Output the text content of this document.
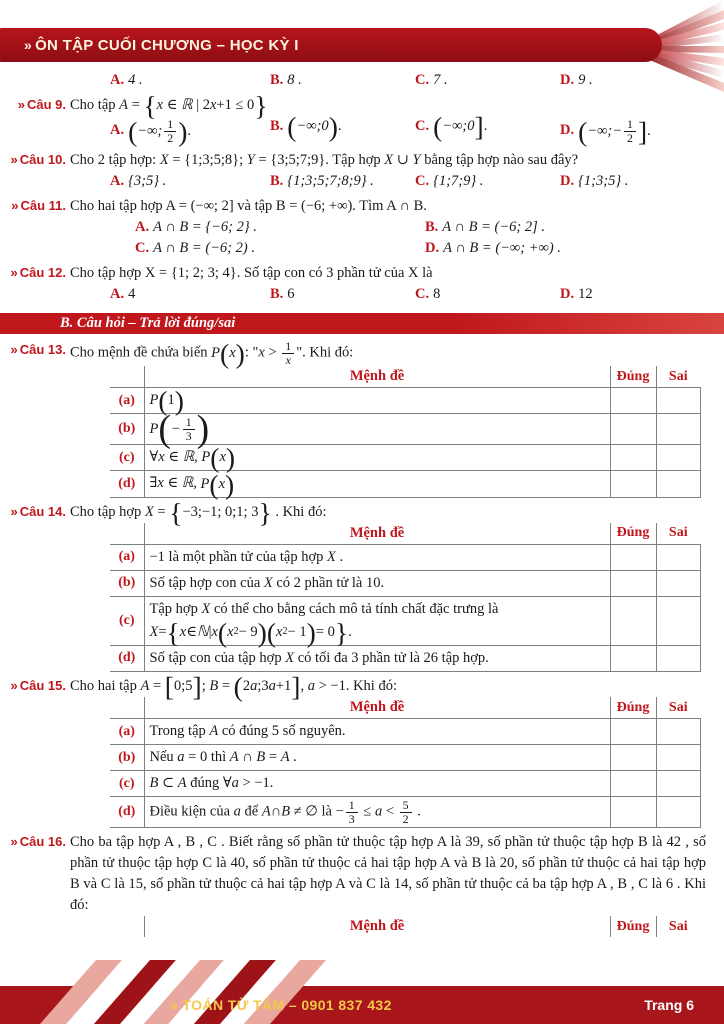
» ÔN TẬP CUỐI CHƯƠNG – HỌC KỲ I
A. 4 .	B. 8 .	C. 7 .	D. 9 .
» Câu 9. Cho tập A = { x ∈ ℝ | 2 x +1 ≤ 0 }
A. ( −∞; $\frac{1}{2}$ ) .	B. ( −∞;0 ) .	C. ( −∞;0 ] .	D. ( −∞;− $\frac{1}{2}$ ] .
» Câu 10. Cho 2 tập hợp: X = {1;3;5;8}; Y = {3;5;7;9}. Tập hợp X ∪ Y bằng tập hợp nào sau đây?
A. {3;5} .	B. {1;3;5;7;8;9} .	C. {1;7;9} .	D. {1;3;5} .
» Câu 11. Cho hai tập hợp A = (−∞; 2] và tập B = (−6; +∞). Tìm A ∩ B.
A. A ∩ B = {−6; 2} .	B. A ∩ B = (−6; 2] .
C. A ∩ B = (−6; 2) .	D. A ∩ B = (−∞; +∞) .
» Câu 12. Cho tập hợp X = {1; 2; 3; 4}. Số tập con có 3 phần tử của X là
A. 4	B. 6	C. 8	D. 12
B. Câu hỏi – Trả lời đúng/sai
» Câu 13. Cho mệnh đề chứa biến P ( x ) : "$x > \frac{1}{x}$ ". Khi đó:
	Mệnh đề	Đúng	Sai
(a)	P ( 1 )		

(b)	P ( − $\frac{1}{3}$ )

(c)	∀x ∈ ℝ, P ( x )		

(d)	∃x ∈ ℝ, P ( x )		

» Câu 14. Cho tập hợp X = { −3;−1; 0;1; 3 } . Khi đó:
	Mệnh đề	Đúng	Sai
(a)	−1 là một phần tử của tập hợp X .		
(b)	Số tập hợp con của X có 2 phần tử là 10.		
(c)	Tập hợp X có thể cho bằng cách mô tả tính chất đặc trưng là

X = { x ∈ ℕ | x ( x 2 − 9 ) ( x 2 − 1 ) = 0 } .		
(d)	Số tập con của tập hợp X có tối đa 3 phần tử là 26 tập hợp.		
» Câu 15. Cho hai tập A = [ 0;5 ] ; B = ( 2 a ;3 a +1 ] , a > −1. Khi đó:
	Mệnh đề	Đúng	Sai
(a)	Trong tập A có đúng 5 số nguyên.		
(b)	Nếu a = 0 thì A ∩ B = A .		
(c)	B ⊂ A đúng ∀a > −1.		
(d)	Điều kiện của a để A∩B ≠ ∅ là − $\frac{1}{3} \le a < \frac{5}{2}$ .		
» Câu 16. Cho ba tập hợp A , B , C . Biết rằng số phần tử thuộc tập hợp A là 39, số phần tử thuộc tập hợp B là 42 , số phần tử thuộc tập hợp C là 40, số phần tử thuộc cả hai tập hợp A và B là 20, số phần tử thuộc cả hai tập hợp B và C là 15, số phần tử thuộc cả hai tập hợp A và C là 14, số phần tử thuộc cả ba tập hợp A , B , C là 6 . Khi đó:
	Mệnh đề	Đúng	Sai
» TOÁN TỪ TÂM – 0901 837 432	Trang 6
